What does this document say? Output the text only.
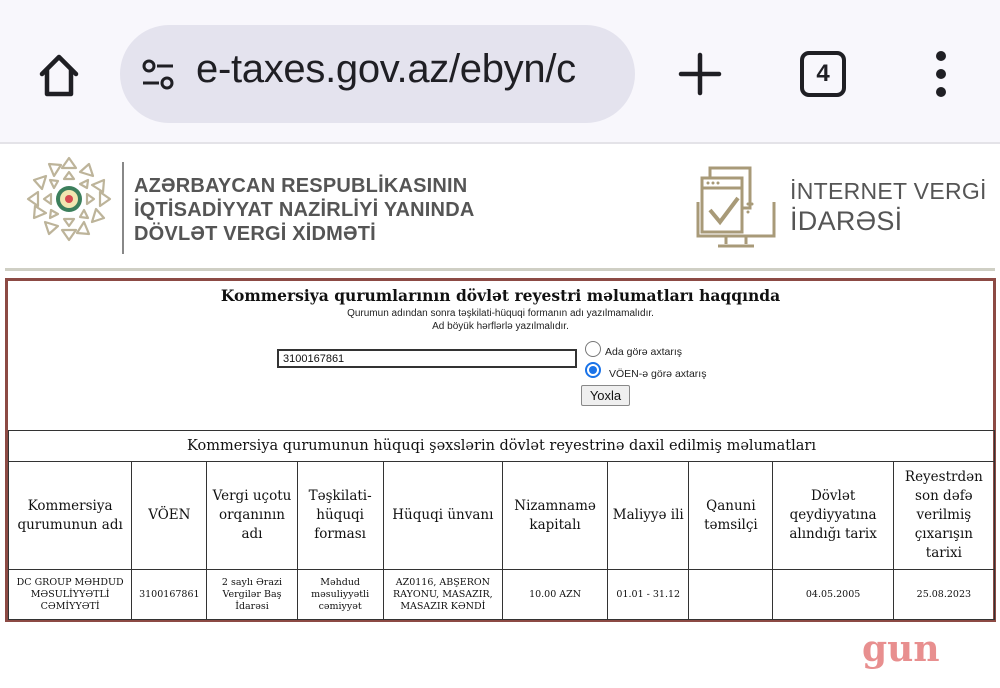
e-taxes.gov.az/ebyn/c	4
AZƏRBAYCAN RESPUBLİKASININ
İQTİSADİYYAT NAZİRLİYİ YANINDA
DÖVLƏT VERGİ XİDMƏTİ
İNTERNET VERGİ
İDARƏSİ
Kommersiya qurumlarının dövlət reyestri məlumatları haqqında
Qurumun adından sonra təşkilati-hüquqi formanın adı yazılmamalıdır.
Ad böyük hərflərlə yazılmalıdır.
3100167861
Ada görə axtarış
VÖEN-ə görə axtarış
Yoxla
Kommersiya qurumunun hüquqi şəxslərin dövlət reyestrinə daxil edilmiş məlumatları									
Kommersiya qurumunun adı	VÖEN	Vergi uçotu orqanının adı	Təşkilati-hüquqi forması	Hüquqi ünvanı	Nizamnamə kapitalı	Maliyyə ili	Qanuni təmsilçi	Dövlət qeydiyyatına alındığı tarix	Reyestrdən son dəfə verilmiş çıxarışın tarixi
DC GROUP MƏHDUD MƏSULİYYƏTLİ CƏMİYYƏTİ	3100167861	2 saylı Ərazi Vergilər Baş İdarəsi	Məhdud məsuliyyətli cəmiyyət	AZ0116, ABŞERON RAYONU, MASAZIR, MASAZIR KƏNDİ	10.00 AZN	01.01 - 31.12		04.05.2005	25.08.2023
gun
